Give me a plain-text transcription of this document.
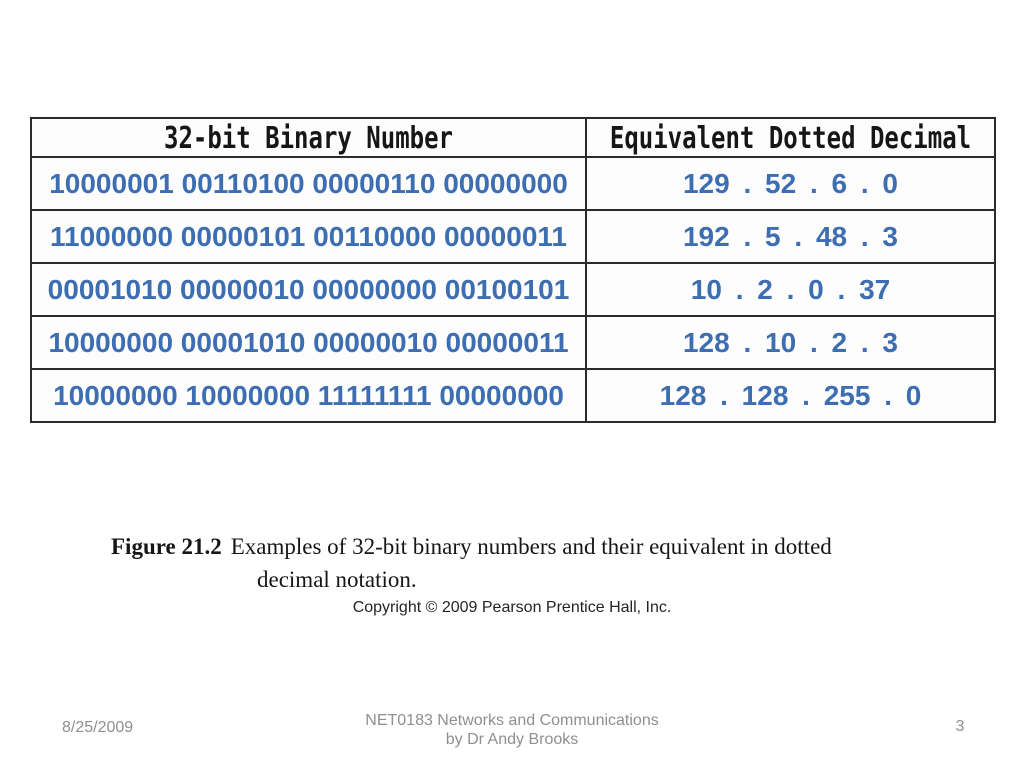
32-bit Binary Number	Equivalent Dotted Decimal
10000001 00110100 00000110 00000000	129 . 52 . 6 . 0
11000000 00000101 00110000 00000011	192 . 5 . 48 . 3
00001010 00000010 00000000 00100101	10 . 2 . 0 . 37
10000000 00001010 00000010 00000011	128 . 10 . 2 . 3
10000000 10000000 11111111 00000000	128 . 128 . 255 . 0
Figure 21.2 Examples of 32-bit binary numbers and their equivalent in dotted
decimal notation.
Copyright © 2009 Pearson Prentice Hall, Inc.
8/25/2009	NET0183 Networks and Communications
by Dr Andy Brooks
3
